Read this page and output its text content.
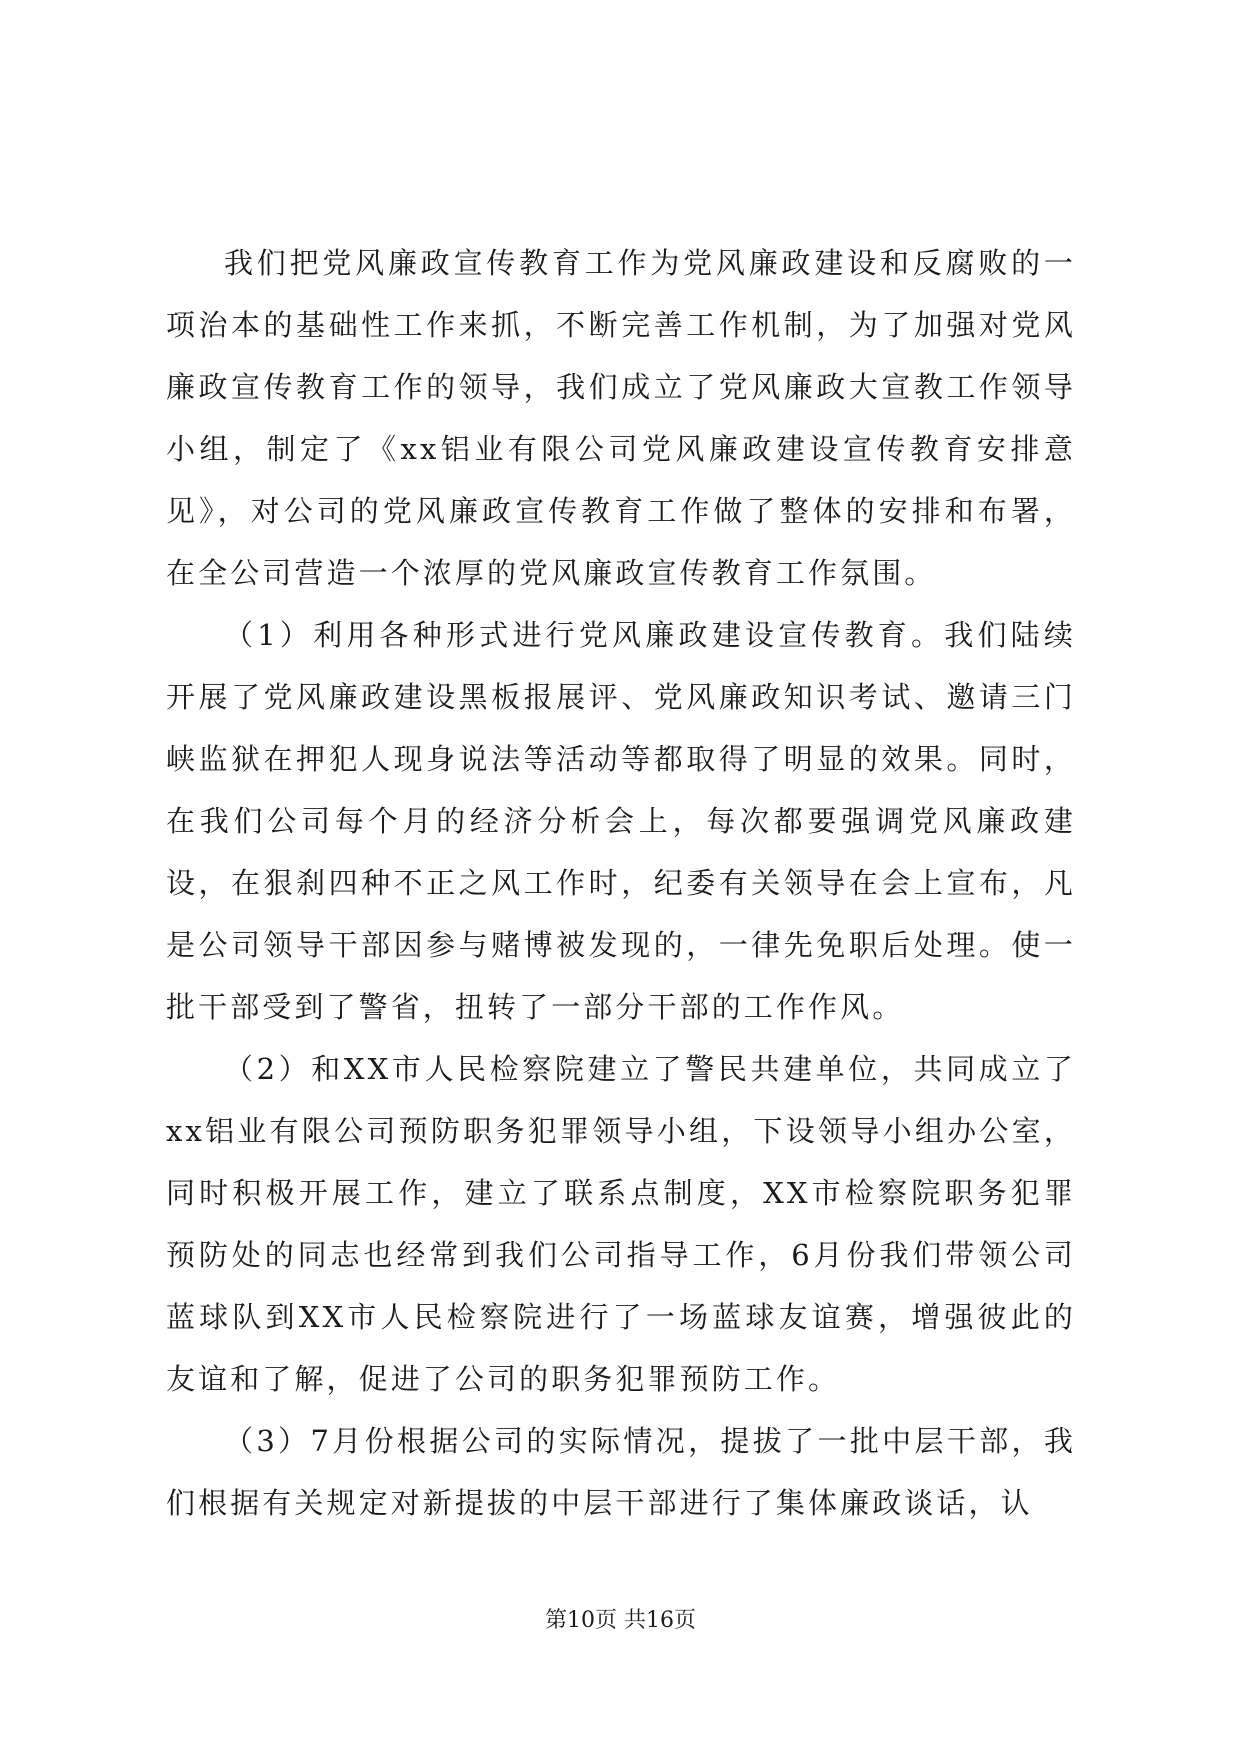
我们把党风廉政宣传教育工作为党风廉政建设和反腐败的一项治本的基础性工作来抓，不断完善工作机制，为了加强对党风廉政宣传教育工作的领导，我们成立了党风廉政大宣教工作领导小组，制定了《xx铝业有限公司党风廉政建设宣传教育安排意见》，对公司的党风廉政宣传教育工作做了整体的安排和布署，在全公司营造一个浓厚的党风廉政宣传教育工作氛围。

（1）利用各种形式进行党风廉政建设宣传教育。我们陆续开展了党风廉政建设黑板报展评、党风廉政知识考试、邀请三门峡监狱在押犯人现身说法等活动等都取得了明显的效果。同时，在我们公司每个月的经济分析会上，每次都要强调党风廉政建设，在狠刹四种不正之风工作时，纪委有关领导在会上宣布，凡是公司领导干部因参与赌博被发现的，一律先免职后处理。使一批干部受到了警省，扭转了一部分干部的工作作风。

（2）和XX市人民检察院建立了警民共建单位，共同成立了xx铝业有限公司预防职务犯罪领导小组，下设领导小组办公室，同时积极开展工作，建立了联系点制度，XX市检察院职务犯罪预防处的同志也经常到我们公司指导工作，6月份我们带领公司蓝球队到XX市人民检察院进行了一场蓝球友谊赛，增强彼此的友谊和了解，促进了公司的职务犯罪预防工作。

（3）7月份根据公司的实际情况，提拔了一批中层干部，我们根据有关规定对新提拔的中层干部进行了集体廉政谈话，认

第10页 共16页
